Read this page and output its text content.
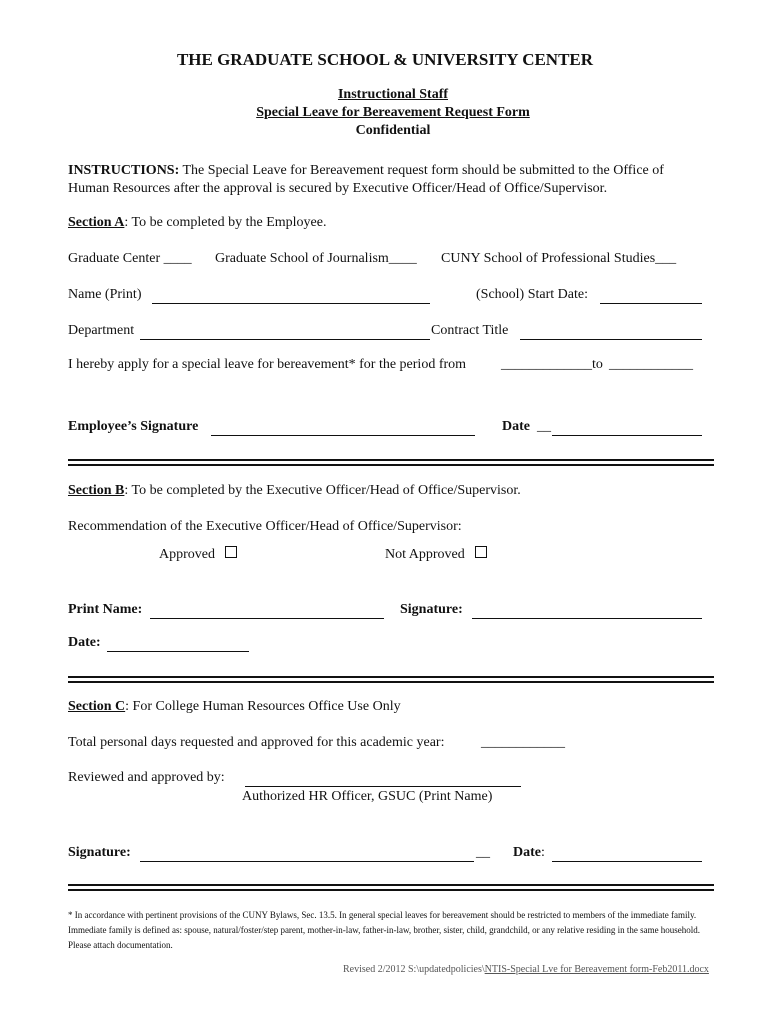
THE GRADUATE SCHOOL & UNIVERSITY CENTER
Instructional Staff
Special Leave for Bereavement Request Form
Confidential
INSTRUCTIONS: The Special Leave for Bereavement request form should be submitted to the Office of
Human Resources after the approval is secured by Executive Officer/Head of Office/Supervisor.
Section A: To be completed by the Employee.
Graduate Center ____ Graduate School of Journalism____ CUNY School of Professional Studies___
Name (Print)	(School) Start Date:
Department	Contract Title
I hereby apply for a special leave for bereavement* for the period from _____________ to ____________
Employee’s Signature	Date __
Section B: To be completed by the Executive Officer/Head of Office/Supervisor.
Recommendation of the Executive Officer/Head of Office/Supervisor:
Approved	Not Approved
Print Name:	Signature:
Date:
Section C: For College Human Resources Office Use Only
Total personal days requested and approved for this academic year:	____________
Reviewed and approved by:
Authorized HR Officer, GSUC (Print Name)
Signature:	__ Date:
* In accordance with pertinent provisions of the CUNY Bylaws, Sec. 13.5. In general special leaves for bereavement should be restricted to members of the immediate family. Immediate family is defined as: spouse, natural/foster/step parent, mother-in-law, father-in-law, brother, sister, child, grandchild, or any relative residing in the same household. Please attach documentation.
Revised 2/2012 S:\updatedpolicies\NTIS-Special Lve for Bereavement form-Feb2011.docx
